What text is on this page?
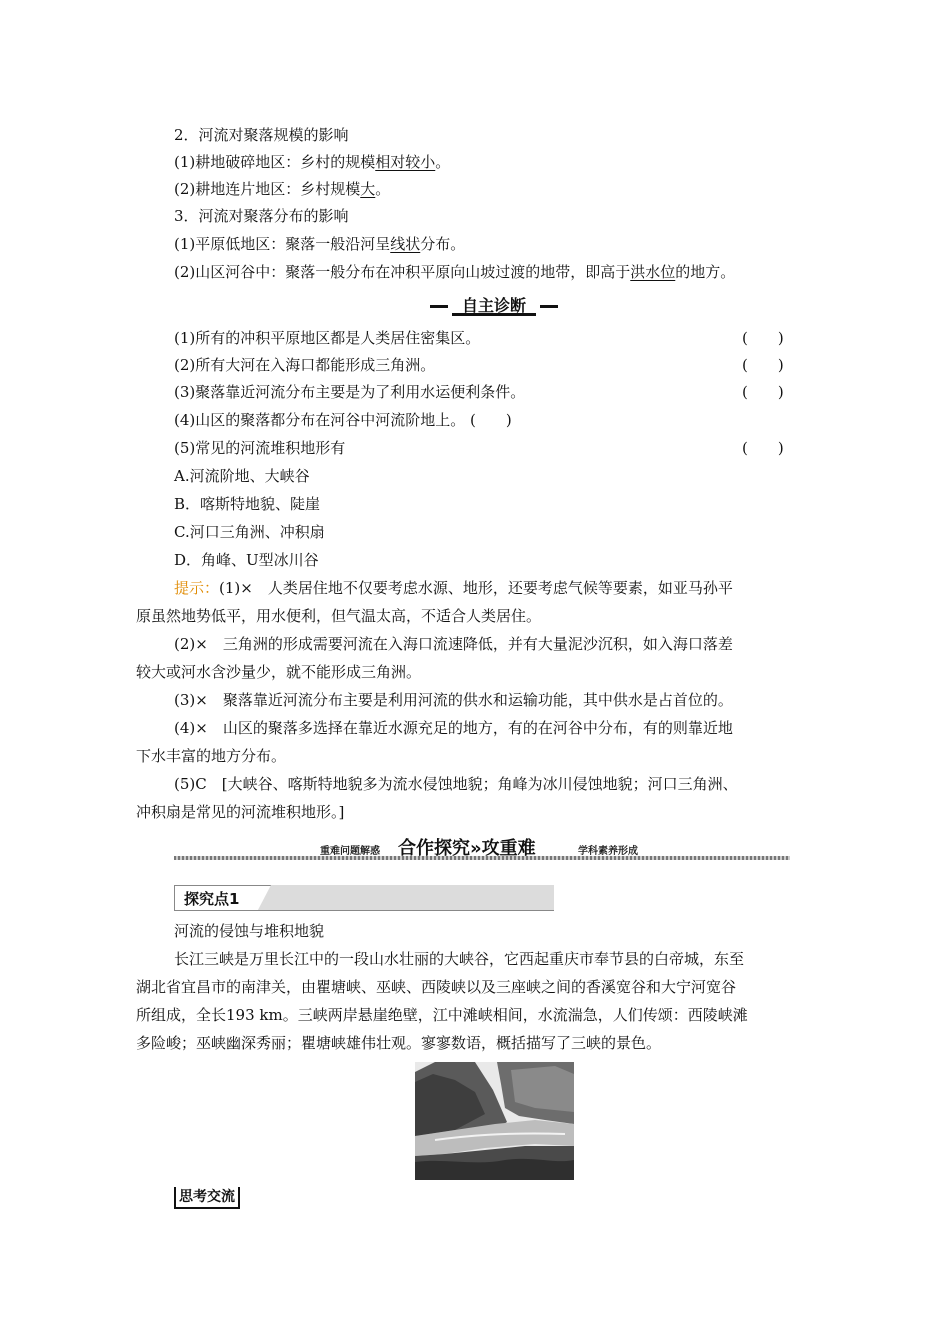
2．河流对聚落规模的影响
(1)耕地破碎地区：乡村的规模相对较小。
(2)耕地连片地区：乡村规模大。
3．河流对聚落分布的影响
(1)平原低地区：聚落一般沿河呈线状分布。
(2)山区河谷中：聚落一般分布在冲积平原向山坡过渡的地带，即高于洪水位的地方。
自主诊断
(1)所有的冲积平原地区都是人类居住密集区。	(　　)
(2)所有大河在入海口都能形成三角洲。	(　　)
(3)聚落靠近河流分布主要是为了利用水运便利条件。	(　　)
(4)山区的聚落都分布在河谷中河流阶地上。 (　　)
(5)常见的河流堆积地形有	(　　)
A.河流阶地、大峡谷
B．喀斯特地貌、陡崖
C.河口三角洲、冲积扇
D．角峰、U型冰川谷
提示：(1)×　人类居住地不仅要考虑水源、地形，还要考虑气候等要素，如亚马孙平
原虽然地势低平，用水便利，但气温太高，不适合人类居住。
(2)×　三角洲的形成需要河流在入海口流速降低，并有大量泥沙沉积，如入海口落差
较大或河水含沙量少，就不能形成三角洲。
(3)×　聚落靠近河流分布主要是利用河流的供水和运输功能，其中供水是占首位的。
(4)×　山区的聚落多选择在靠近水源充足的地方，有的在河谷中分布，有的则靠近地
下水丰富的地方分布。
(5)C　[大峡谷、喀斯特地貌多为流水侵蚀地貌；角峰为冰川侵蚀地貌；河口三角洲、
冲积扇是常见的河流堆积地形。]
重难问题解惑 合作探究»攻重难	学科素养形成
探究点1
河流的侵蚀与堆积地貌
长江三峡是万里长江中的一段山水壮丽的大峡谷，它西起重庆市奉节县的白帝城，东至
湖北省宜昌市的南津关，由瞿塘峡、巫峡、西陵峡以及三座峡之间的香溪宽谷和大宁河宽谷
所组成，全长193 km。三峡两岸悬崖绝壁，江中滩峡相间，水流湍急，人们传颂：西陵峡滩
多险峻；巫峡幽深秀丽；瞿塘峡雄伟壮观。寥寥数语，概括描写了三峡的景色。
思考交流
